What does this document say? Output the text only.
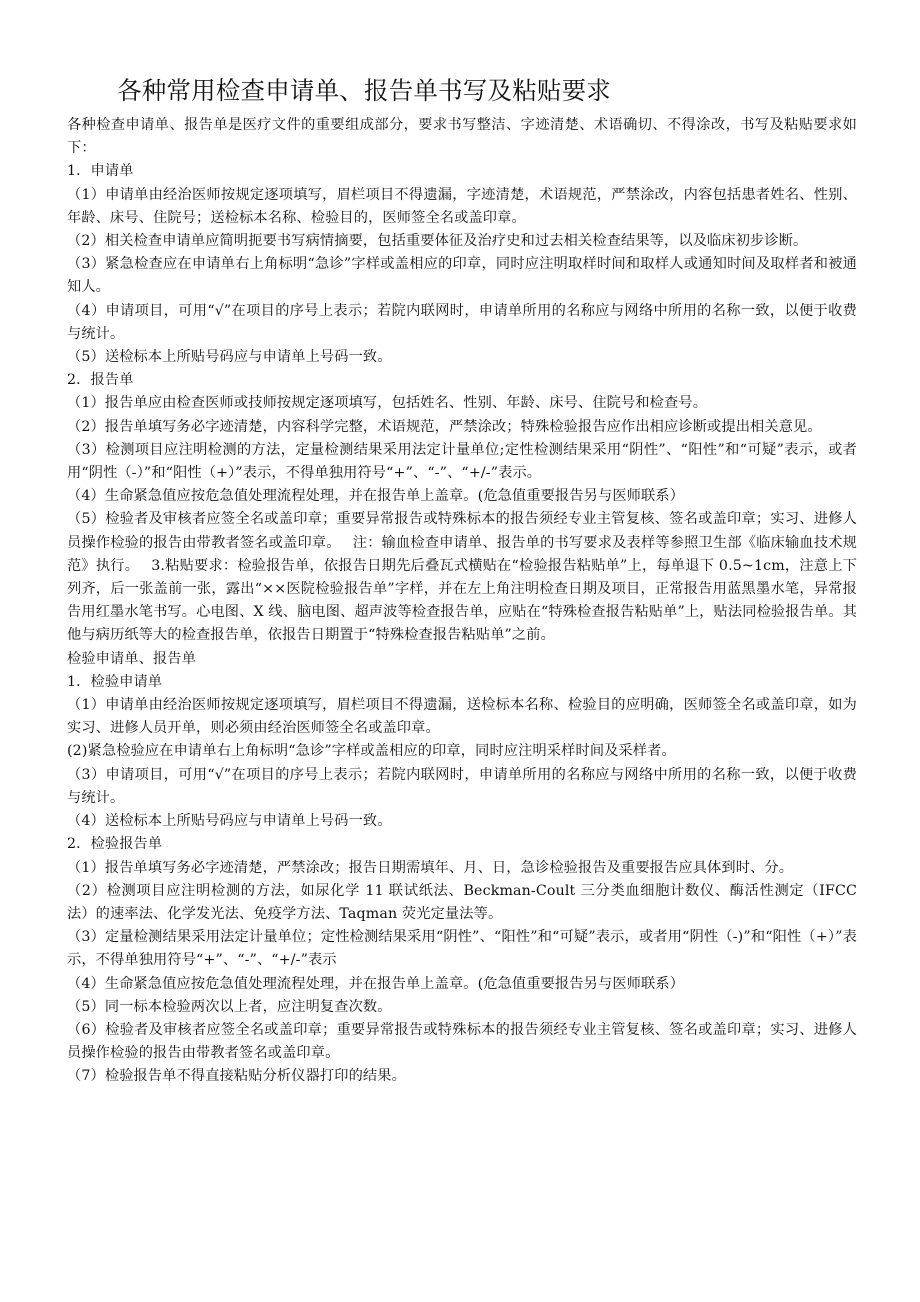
各种常用检查申请单、报告单书写及粘贴要求

各种检查申请单、报告单是医疗文件的重要组成部分，要求书写整洁、字迹清楚、术语确切、不得涂改，书写及粘贴要求如下：

1．申请单

（1）申请单由经治医师按规定逐项填写，眉栏项目不得遗漏，字迹清楚，术语规范，严禁涂改，内容包括患者姓名、性别、年龄、床号、住院号；送检标本名称、检验目的，医师签全名或盖印章。

（2）相关检查申请单应简明扼要书写病情摘要，包括重要体征及治疗史和过去相关检查结果等，以及临床初步诊断。

（3）紧急检查应在申请单右上角标明“急诊”字样或盖相应的印章，同时应注明取样时间和取样人或通知时间及取样者和被通知人。

（4）申请项目，可用“√”在项目的序号上表示；若院内联网时，申请单所用的名称应与网络中所用的名称一致，以便于收费与统计。

（5）送检标本上所贴号码应与申请单上号码一致。

2．报告单

（1）报告单应由检查医师或技师按规定逐项填写，包括姓名、性别、年龄、床号、住院号和检查号。

（2）报告单填写务必字迹清楚，内容科学完整，术语规范，严禁涂改；特殊检验报告应作出相应诊断或提出相关意见。

（3）检测项目应注明检测的方法，定量检测结果采用法定计量单位;定性检测结果采用“阴性”、“阳性”和“可疑”表示，或者用“阴性（-）”和“阳性（+）”表示，不得单独用符号“+”、“-”、“+/-”表示。

（4）生命紧急值应按危急值处理流程处理，并在报告单上盖章。(危急值重要报告另与医师联系）

（5）检验者及审核者应签全名或盖印章；重要异常报告或特殊标本的报告须经专业主管复核、签名或盖印章；实习、进修人员操作检验的报告由带教者签名或盖印章。　 注：输血检查申请单、报告单的书写要求及表样等参照卫生部《临床输血技术规范》执行。　 3.粘贴要求：检验报告单，依报告日期先后叠瓦式横贴在“检验报告粘贴单”上，每单退下 0.5~1cm，注意上下列齐，后一张盖前一张，露出“××医院检验报告单”字样，并在左上角注明检查日期及项目，正常报告用蓝黑墨水笔，异常报告用红墨水笔书写。心电图、X 线、脑电图、超声波等检查报告单，应贴在“特殊检查报告粘贴单”上，贴法同检验报告单。其他与病历纸等大的检查报告单，依报告日期置于“特殊检查报告粘贴单”之前。

检验申请单、报告单

1．检验申请单

（1）申请单由经治医师按规定逐项填写，眉栏项目不得遗漏，送检标本名称、检验目的应明确，医师签全名或盖印章，如为实习、进修人员开单，则必须由经治医师签全名或盖印章。

(2)紧急检验应在申请单右上角标明“急诊”字样或盖相应的印章，同时应注明采样时间及采样者。

（3）申请项目，可用“√”在项目的序号上表示；若院内联网时，申请单所用的名称应与网络中所用的名称一致，以便于收费与统计。

（4）送检标本上所贴号码应与申请单上号码一致。

2．检验报告单

（1）报告单填写务必字迹清楚，严禁涂改；报告日期需填年、月、日，急诊检验报告及重要报告应具体到时、分。

（2）检测项目应注明检测的方法，如尿化学 11 联试纸法、Beckman-Coult 三分类血细胞计数仪、酶活性测定（IFCC 法）的速率法、化学发光法、免疫学方法、Taqman 荧光定量法等。

（3）定量检测结果采用法定计量单位；定性检测结果采用“阴性”、“阳性”和“可疑”表示，或者用“阴性（-)”和“阳性（+）”表示，不得单独用符号“+”、“-”、“+/-”表示

（4）生命紧急值应按危急值处理流程处理，并在报告单上盖章。(危急值重要报告另与医师联系）

（5）同一标本检验两次以上者，应注明复查次数。

（6）检验者及审核者应签全名或盖印章；重要异常报告或特殊标本的报告须经专业主管复核、签名或盖印章；实习、进修人员操作检验的报告由带教者签名或盖印章。

（7）检验报告单不得直接粘贴分析仪器打印的结果。
